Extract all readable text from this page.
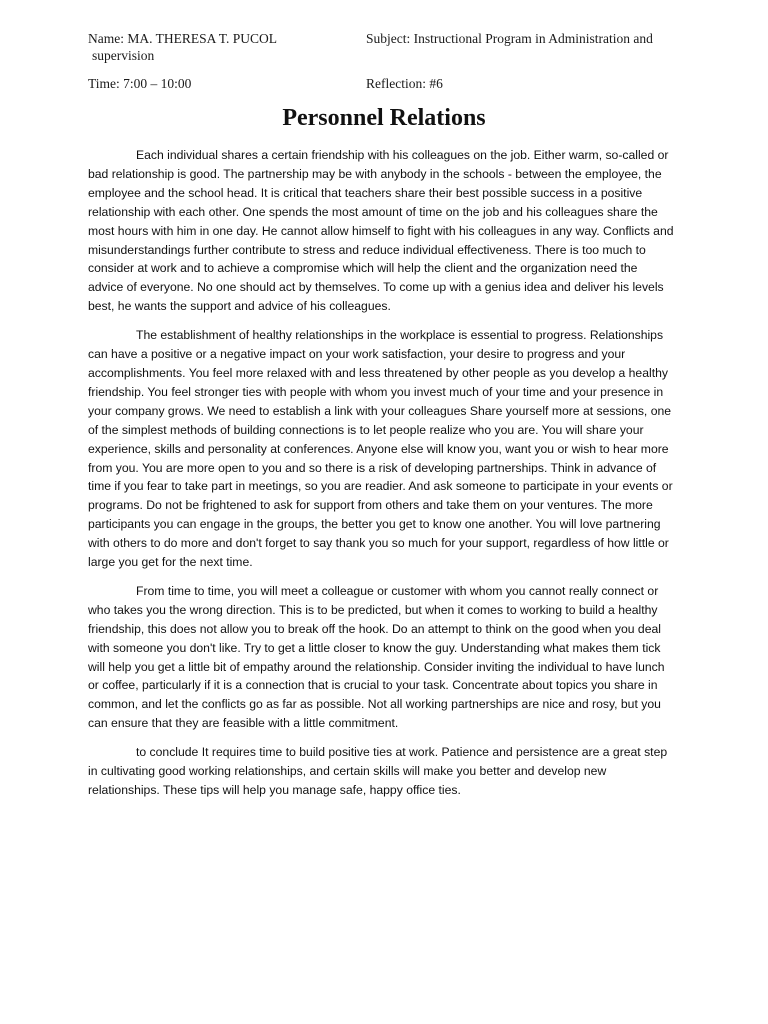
Name: MA. THERESA T. PUCOL	Subject: Instructional Program in Administration and
supervision
Time: 7:00 – 10:00	Reflection: #6
Personnel Relations

Each individual shares a certain friendship with his colleagues on the job. Either warm, so-called or bad relationship is good. The partnership may be with anybody in the schools - between the employee, the employee and the school head. It is critical that teachers share their best possible success in a positive relationship with each other. One spends the most amount of time on the job and his colleagues share the most hours with him in one day. He cannot allow himself to fight with his colleagues in any way. Conflicts and misunderstandings further contribute to stress and reduce individual effectiveness. There is too much to consider at work and to achieve a compromise which will help the client and the organization need the advice of everyone. No one should act by themselves. To come up with a genius idea and deliver his levels best, he wants the support and advice of his colleagues.

The establishment of healthy relationships in the workplace is essential to progress. Relationships can have a positive or a negative impact on your work satisfaction, your desire to progress and your accomplishments. You feel more relaxed with and less threatened by other people as you develop a healthy friendship. You feel stronger ties with people with whom you invest much of your time and your presence in your company grows. We need to establish a link with your colleagues Share yourself more at sessions, one of the simplest methods of building connections is to let people realize who you are. You will share your experience, skills and personality at conferences. Anyone else will know you, want you or wish to hear more from you. You are more open to you and so there is a risk of developing partnerships. Think in advance of time if you fear to take part in meetings, so you are readier. And ask someone to participate in your events or programs. Do not be frightened to ask for support from others and take them on your ventures. The more participants you can engage in the groups, the better you get to know one another. You will love partnering with others to do more and don't forget to say thank you so much for your support, regardless of how little or large you get for the next time.

From time to time, you will meet a colleague or customer with whom you cannot really connect or who takes you the wrong direction. This is to be predicted, but when it comes to working to build a healthy friendship, this does not allow you to break off the hook. Do an attempt to think on the good when you deal with someone you don't like. Try to get a little closer to know the guy. Understanding what makes them tick will help you get a little bit of empathy around the relationship. Consider inviting the individual to have lunch or coffee, particularly if it is a connection that is crucial to your task. Concentrate about topics you share in common, and let the conflicts go as far as possible. Not all working partnerships are nice and rosy, but you can ensure that they are feasible with a little commitment.

to conclude It requires time to build positive ties at work. Patience and persistence are a great step in cultivating good working relationships, and certain skills will make you better and develop new relationships. These tips will help you manage safe, happy office ties.
